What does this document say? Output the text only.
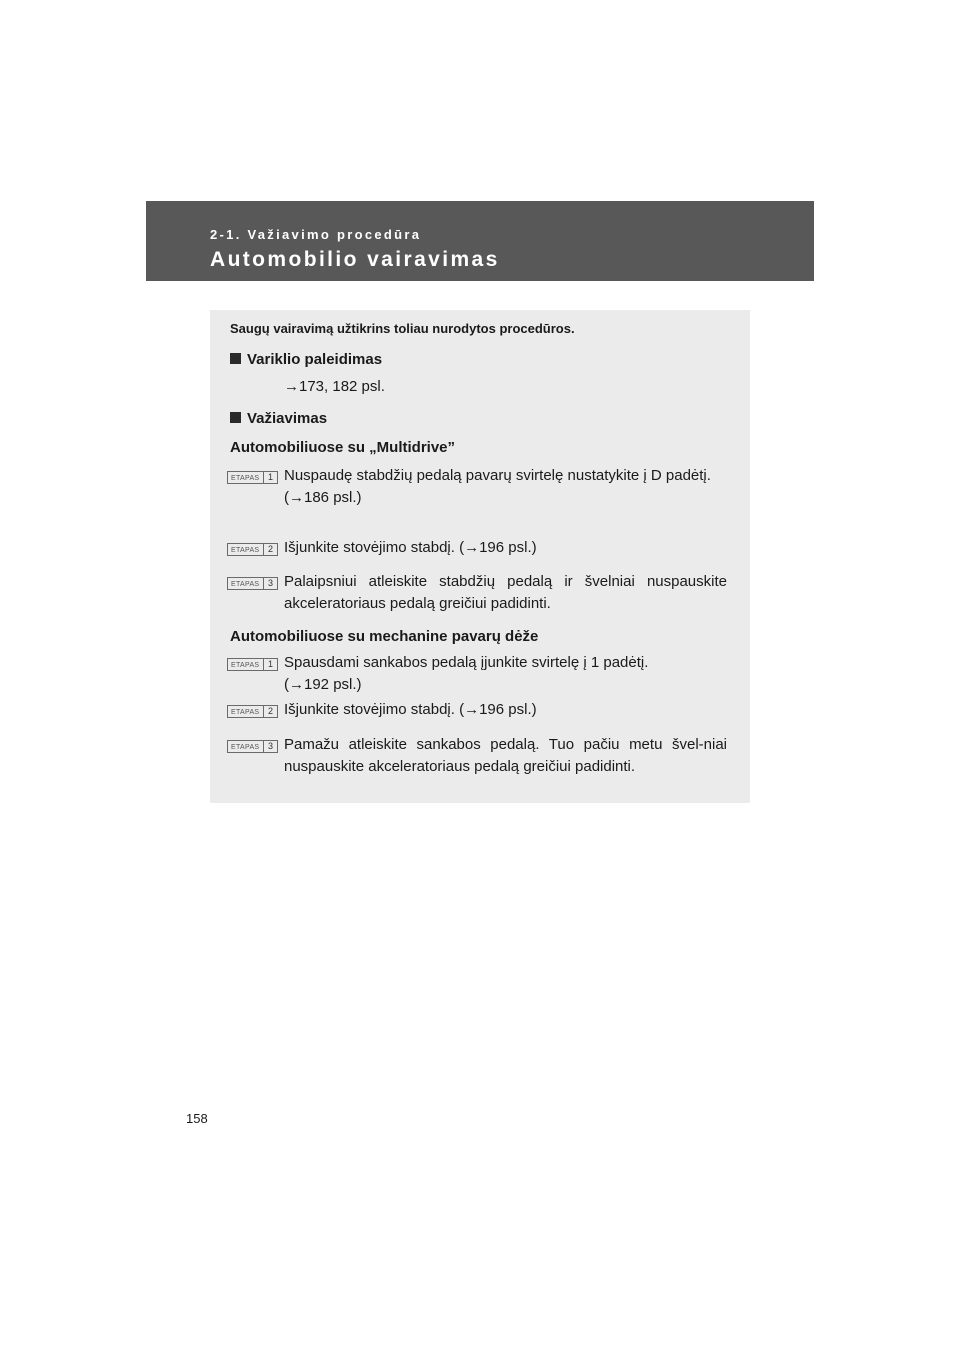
2-1. Važiavimo procedūra
Automobilio vairavimas
Saugų vairavimą užtikrins toliau nurodytos procedūros.
Variklio paleidimas
→173, 182 psl.
Važiavimas
Automobiliuose su „Multidrive”
ETAPAS 1 Nuspaudę stabdžių pedalą pavarų svirtelę nustatykite į D padėtį.
(→186 psl.)
ETAPAS 2 Išjunkite stovėjimo stabdį. (→196 psl.)
ETAPAS 3 Palaipsniui atleiskite stabdžių pedalą ir švelniai nuspauskite akceleratoriaus pedalą greičiui padidinti.
Automobiliuose su mechanine pavarų dėže
ETAPAS 1 Spausdami sankabos pedalą įjunkite svirtelę į 1 padėtį.
(→192 psl.)
ETAPAS 2 Išjunkite stovėjimo stabdį. (→196 psl.)
ETAPAS 3 Pamažu atleiskite sankabos pedalą. Tuo pačiu metu švel-niai nuspauskite akceleratoriaus pedalą greičiui padidinti.
158
